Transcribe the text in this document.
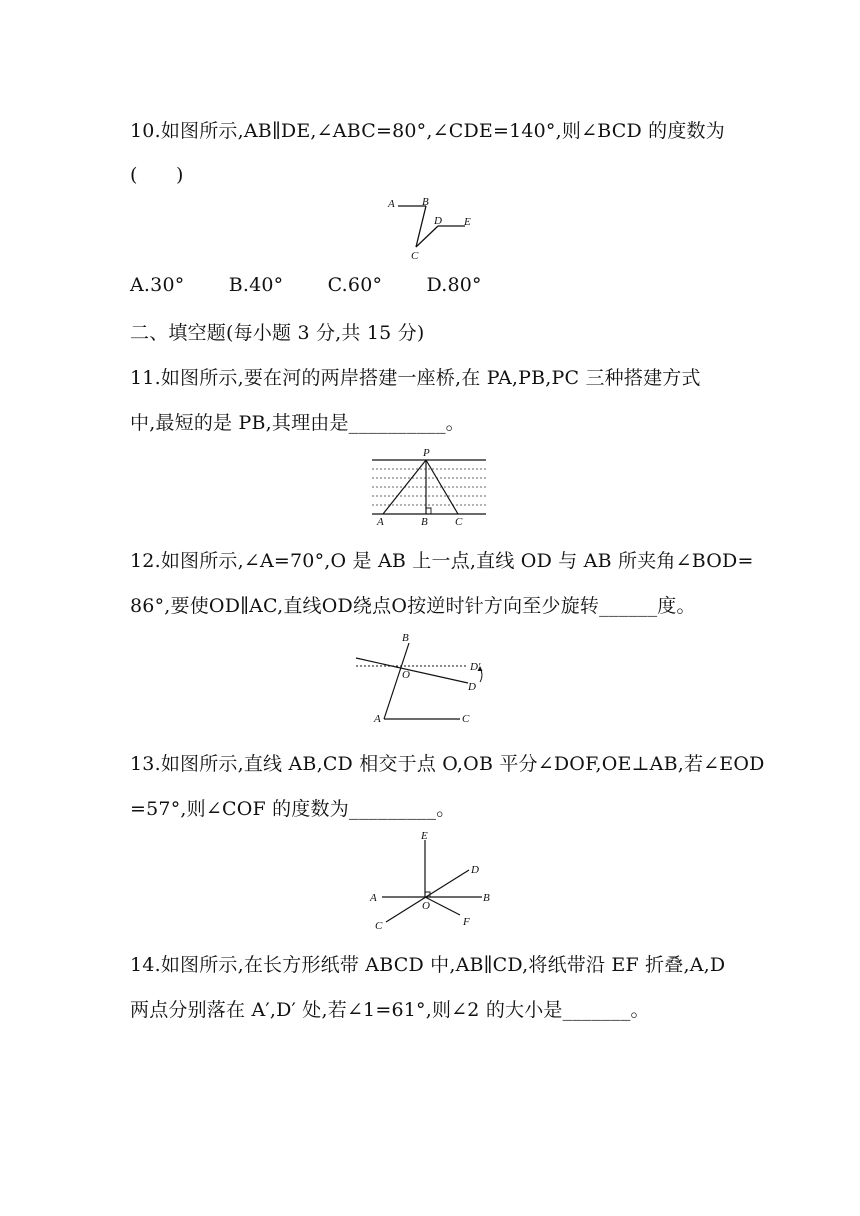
10.如图所示,AB∥DE,∠ABC=80°,∠CDE=140°,则∠BCD 的度数为
(　　)
A B
C
D E
A.30° B.40° C.60° D.80°
二、填空题(每小题 3 分,共 15 分)
11.如图所示,要在河的两岸搭建一座桥,在 PA,PB,PC 三种搭建方式
中,最短的是 PB,其理由是__________。
P
A	B C
12.如图所示,∠A=70°,O 是 AB 上一点,直线 OD 与 AB 所夹角∠BOD=
86°,要使OD∥AC,直线OD绕点O按逆时针方向至少旋转______度。
B
O
D′
D
A	C
13.如图所示,直线 AB,CD 相交于点 O,OB 平分∠DOF,OE⊥AB,若∠EOD
=57°,则∠COF 的度数为_________。
E
D
A	B
O
C	F
14.如图所示,在长方形纸带 ABCD 中,AB∥CD,将纸带沿 EF 折叠,A,D
两点分别落在 A′,D′ 处,若∠1=61°,则∠2 的大小是_______。
